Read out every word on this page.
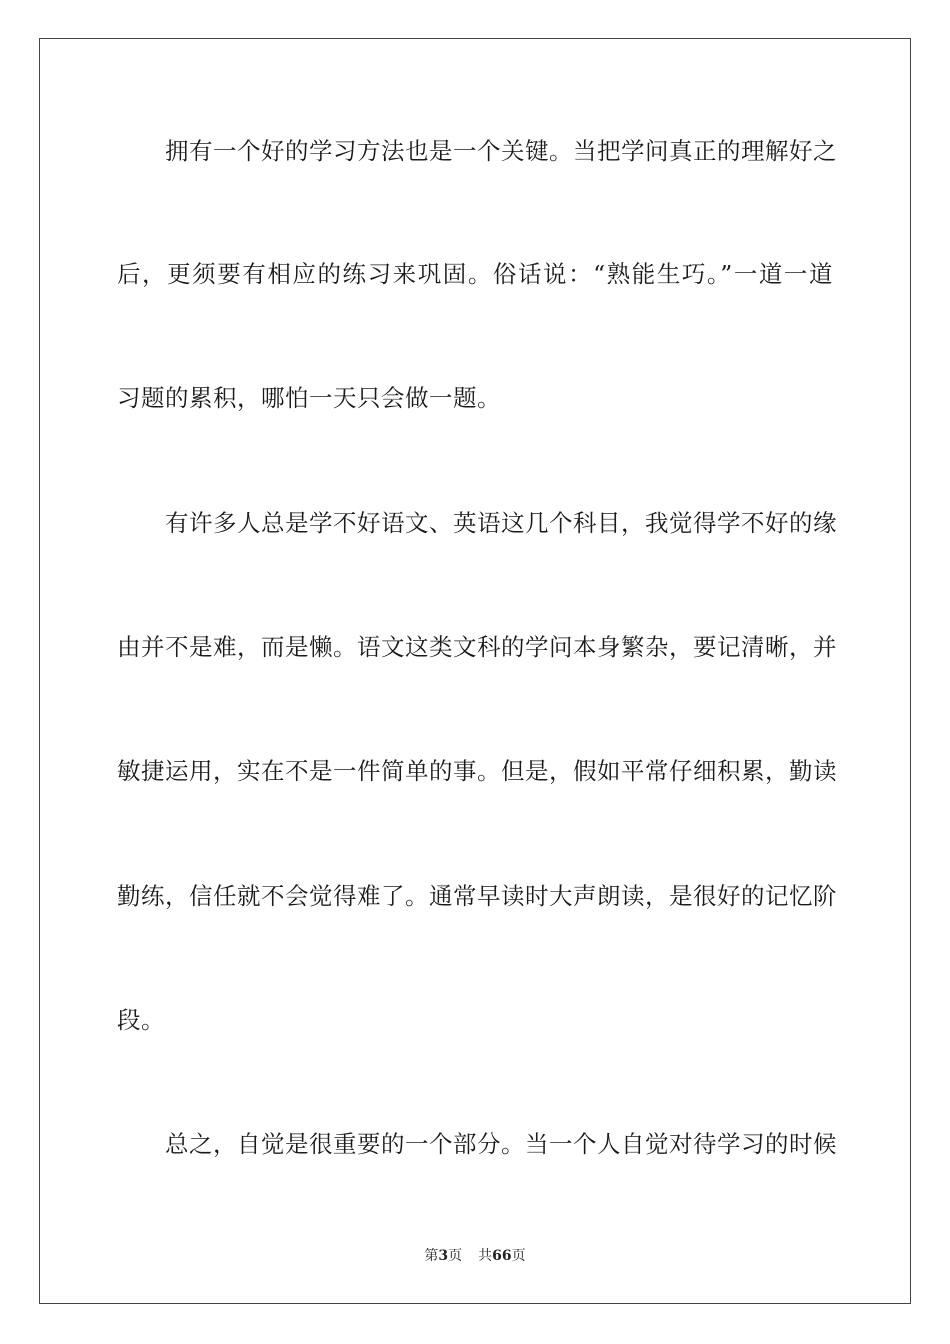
拥有一个好的学习方法也是一个关键。当把学问真正的理解好之
后，更须要有相应的练习来巩固。俗话说：“熟能生巧。”一道一道
习题的累积，哪怕一天只会做一题。
有许多人总是学不好语文、英语这几个科目，我觉得学不好的缘
由并不是难，而是懒。语文这类文科的学问本身繁杂，要记清晰，并
敏捷运用，实在不是一件简单的事。但是，假如平常仔细积累，勤读
勤练，信任就不会觉得难了。通常早读时大声朗读，是很好的记忆阶
段。
总之，自觉是很重要的一个部分。当一个人自觉对待学习的时候
第3页 共66页
